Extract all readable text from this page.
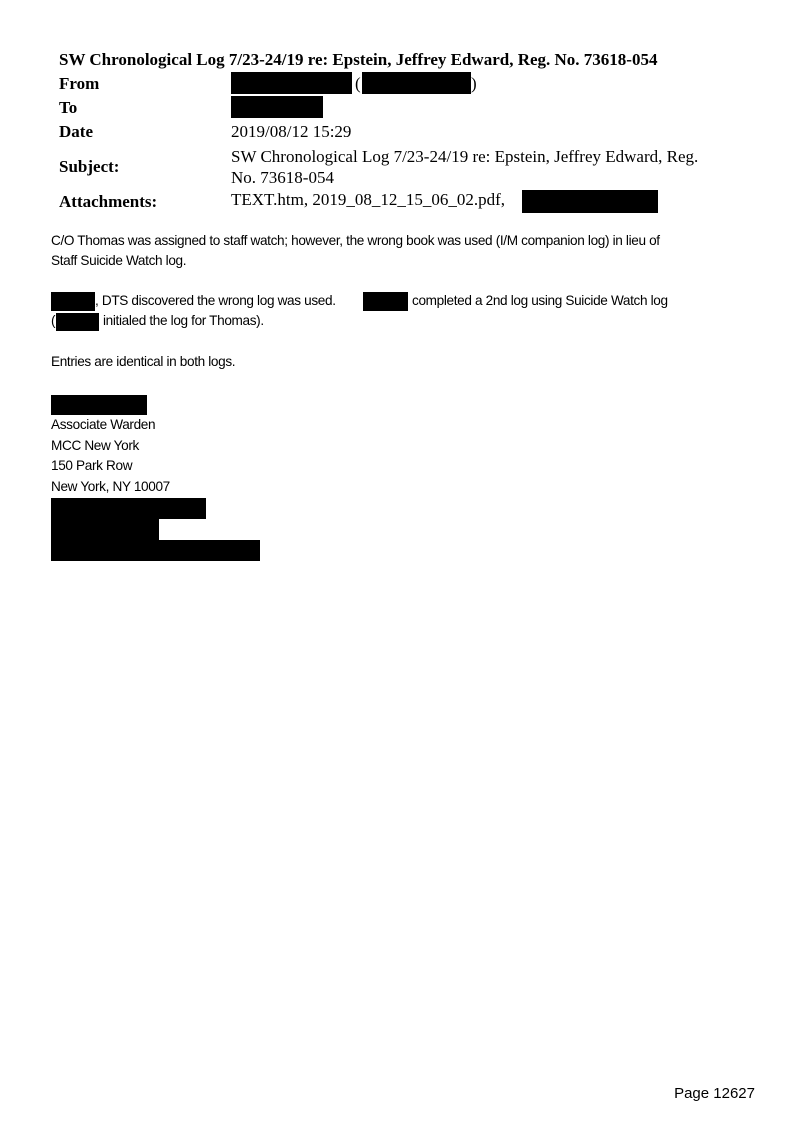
SW Chronological Log 7/23-24/19 re: Epstein, Jeffrey Edward, Reg. No. 73618-054
From	(	)
To
Date	2019/08/12 15:29
Subject:
SW Chronological Log 7/23-24/19 re: Epstein, Jeffrey Edward, Reg.
No. 73618-054
Attachments:	TEXT.htm, 2019_08_12_15_06_02.pdf,
C/O Thomas was assigned to staff watch; however, the wrong book was used (I/M companion log) in lieu of
Staff Suicide Watch log.
, DTS discovered the wrong log was used.	completed a 2nd log using Suicide Watch log
(	initialed the log for Thomas).
Entries are identical in both logs.
Associate Warden
MCC New York
150 Park Row
New York, NY 10007
Page 12627
